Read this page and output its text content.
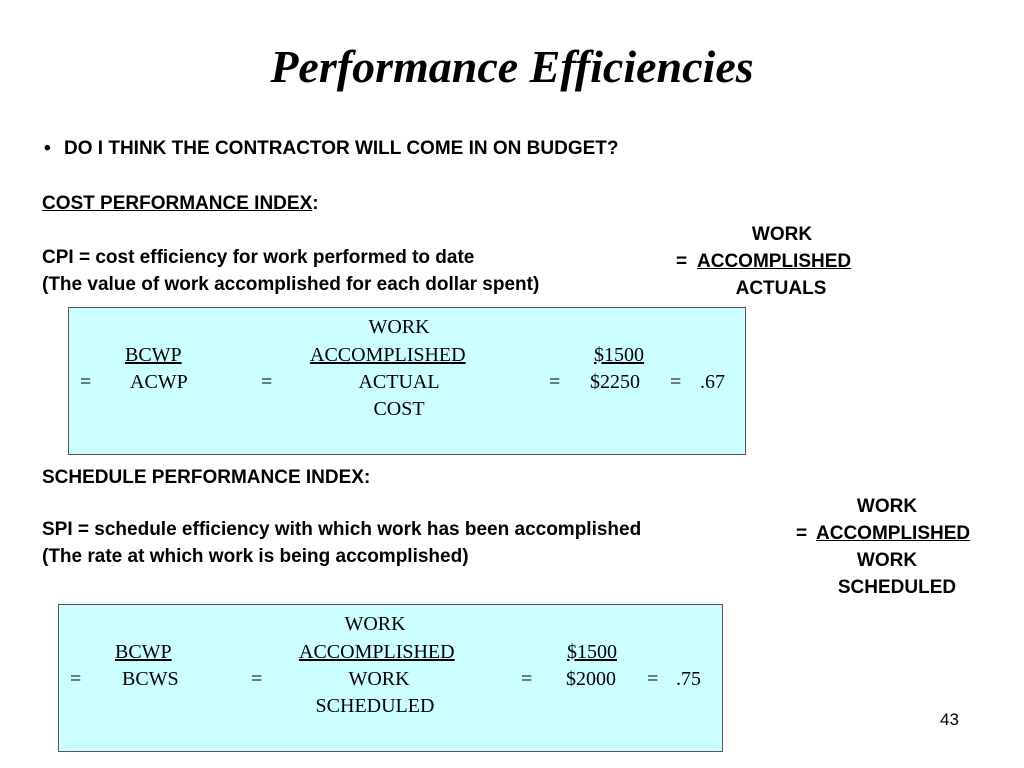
Performance Efficiencies
• DO I THINK THE CONTRACTOR WILL COME IN ON BUDGET?
COST PERFORMANCE INDEX:
CPI = cost efficiency for work performed to date
(The value of work accomplished for each dollar spent)
WORK
= ACCOMPLISHED
ACTUALS
WORK
BCWP	ACCOMPLISHED	$1500
= ACWP	=	ACTUAL	= $2250 = .67
COST
SCHEDULE PERFORMANCE INDEX:
SPI = schedule efficiency with which work has been accomplished
(The rate at which work is being accomplished)
WORK
= ACCOMPLISHED
WORK
SCHEDULED
WORK
BCWP	ACCOMPLISHED	$1500
= BCWS	=	WORK	= $2000 = .75
SCHEDULED
43
